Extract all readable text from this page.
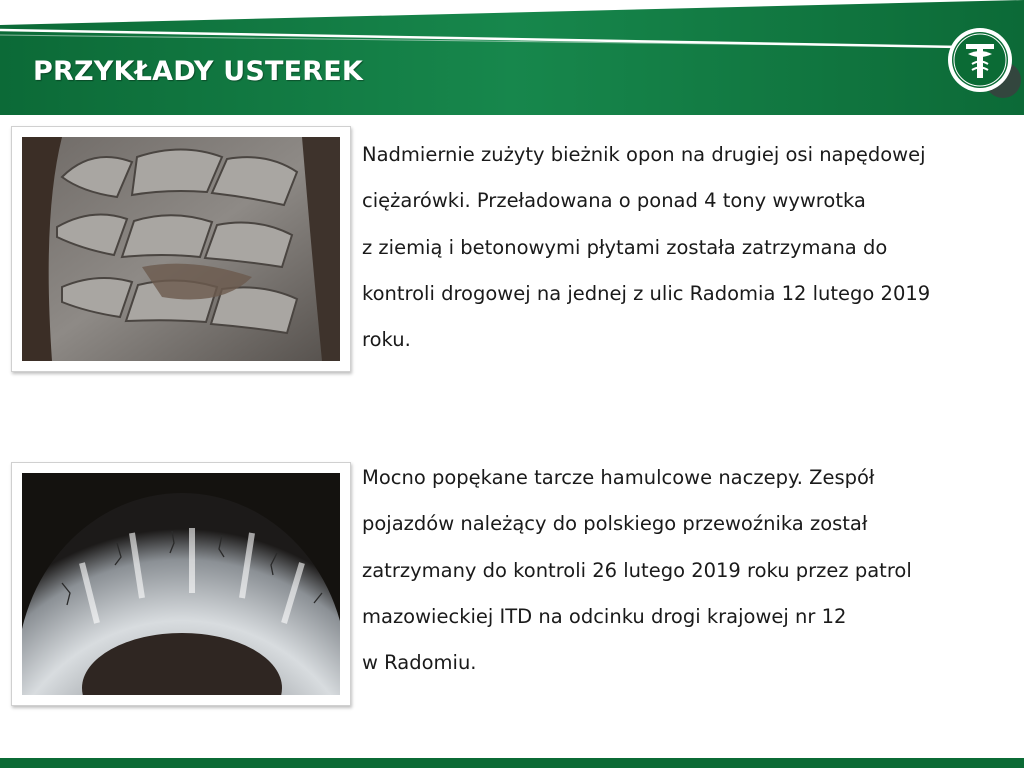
PRZYKŁADY USTEREK
Nadmiernie zużyty bieżnik opon na drugiej osi napędowej
ciężarówki. Przeładowana o ponad 4 tony wywrotka
z ziemią i betonowymi płytami została zatrzymana do
kontroli drogowej na jednej z ulic Radomia 12 lutego 2019
roku.
Mocno popękane tarcze hamulcowe naczepy. Zespół
pojazdów należący do polskiego przewoźnika został
zatrzymany do kontroli 26 lutego 2019 roku przez patrol
mazowieckiej ITD na odcinku drogi krajowej nr 12
w Radomiu.
